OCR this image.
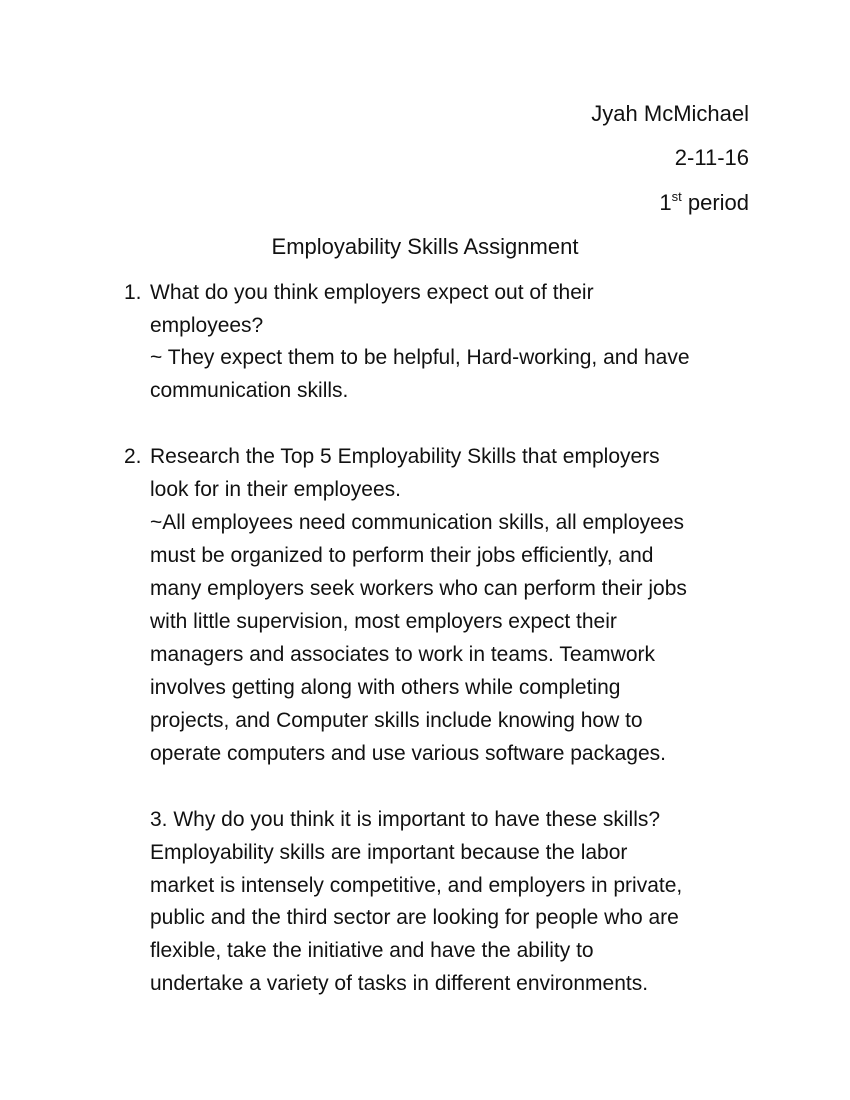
Jyah McMichael
2-11-16
1st period
Employability Skills Assignment
1. What do you think employers expect out of their
employees?
~ They expect them to be helpful, Hard-working, and have
communication skills.
2. Research the Top 5 Employability Skills that employers
look for in their employees.
~All employees need communication skills, all employees
must be organized to perform their jobs efficiently, and
many employers seek workers who can perform their jobs
with little supervision, most employers expect their
managers and associates to work in teams. Teamwork
involves getting along with others while completing
projects, and Computer skills include knowing how to
operate computers and use various software packages.
3. Why do you think it is important to have these skills?
Employability skills are important because the labor
market is intensely competitive, and employers in private,
public and the third sector are looking for people who are
flexible, take the initiative and have the ability to
undertake a variety of tasks in different environments.
